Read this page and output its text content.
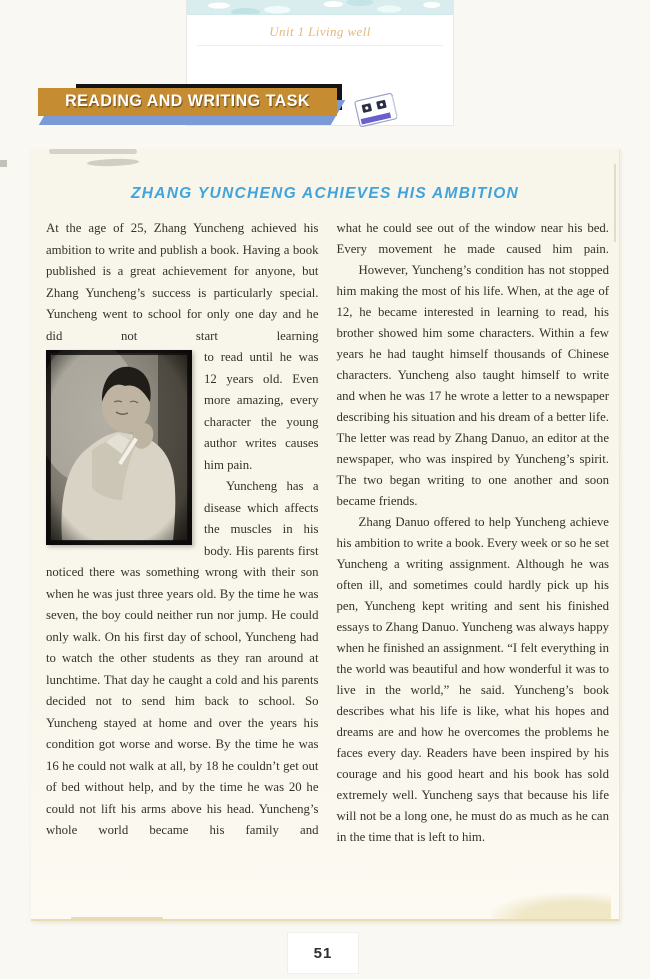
Unit 1 Living well
READING AND WRITING TASK
ZHANG YUNCHENG ACHIEVES HIS AMBITION

At the age of 25, Zhang Yuncheng achieved his ambition to write and publish a book. Having a book published is a great achievement for anyone, but Zhang Yuncheng’s success is particularly special. Yuncheng went to school for only one day and he did not start learning

to read until he was 12 years old. Even more amazing, every character the young author writes causes him pain.

Yuncheng has a disease which affects the muscles in his body. His parents first noticed there was something wrong with their son when he was just three years old. By the time he was seven, the boy could neither run nor jump. He could only walk. On his first day of school, Yuncheng had to watch the other students as they ran around at lunchtime. That day he caught a cold and his parents decided not to send him back to school. So Yuncheng stayed at home and over the years his condition got worse and worse. By the time he was 16 he could not walk at all, by 18 he couldn’t get out of bed without help, and by the time he was 20 he could not lift his arms above his head. Yuncheng’s whole world became his family and

what he could see out of the window near his bed. Every movement he made caused him pain.

However, Yuncheng’s condition has not stopped him making the most of his life. When, at the age of 12, he became interested in learning to read, his brother showed him some characters. Within a few years he had taught himself thousands of Chinese characters. Yuncheng also taught himself to write and when he was 17 he wrote a letter to a newspaper describing his situation and his dream of a better life. The letter was read by Zhang Danuo, an editor at the newspaper, who was inspired by Yuncheng’s spirit. The two began writing to one another and soon became friends.

Zhang Danuo offered to help Yuncheng achieve his ambition to write a book. Every week or so he set Yuncheng a writing assignment. Although he was often ill, and sometimes could hardly pick up his pen, Yuncheng kept writing and sent his finished essays to Zhang Danuo. Yuncheng was always happy when he finished an assignment. “I felt everything in the world was beautiful and how wonderful it was to live in the world,” he said. Yuncheng’s book describes what his life is like, what his hopes and dreams are and how he overcomes the problems he faces every day. Readers have been inspired by his courage and his good heart and his book has sold extremely well. Yuncheng says that because his life will not be a long one, he must do as much as he can in the time that is left to him.

51
